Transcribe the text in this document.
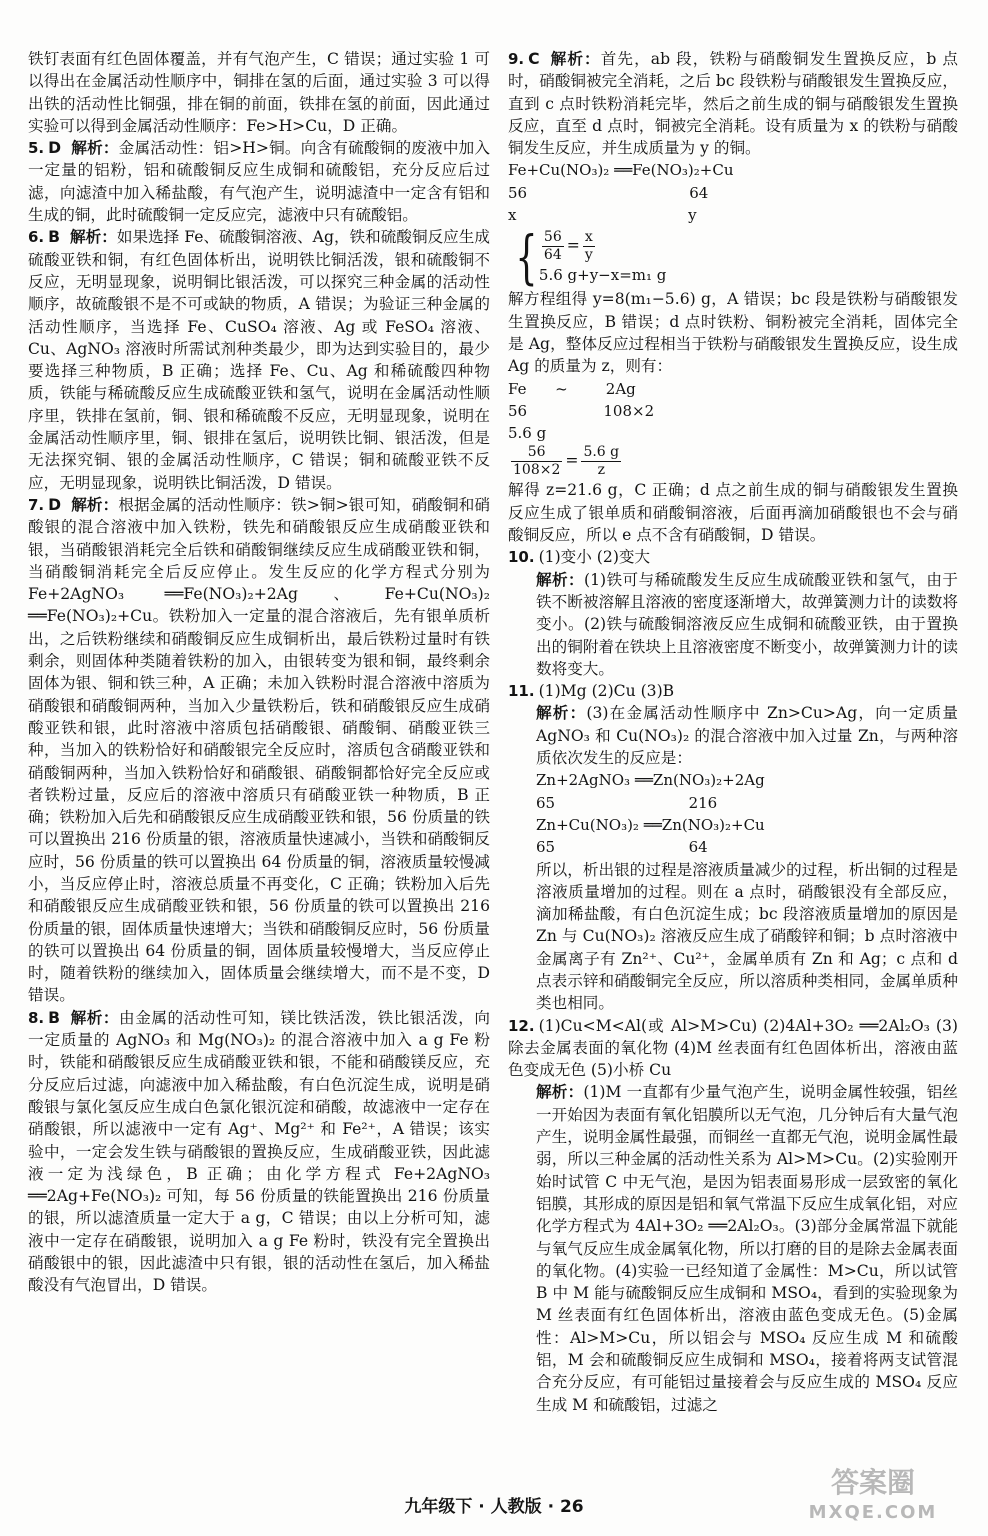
铁钉表面有红色固体覆盖，并有气泡产生，C 错误；通过实验 1 可以得出在金属活动性顺序中，铜排在氢的后面，通过实验 3 可以得出铁的活动性比铜强，排在铜的前面，铁排在氢的前面，因此通过实验可以得到金属活动性顺序：Fe>H>Cu，D 正确。

5. D 解析：金属活动性：铝>H>铜。向含有硫酸铜的废液中加入一定量的铝粉，铝和硫酸铜反应生成铜和硫酸铝，充分反应后过滤，向滤渣中加入稀盐酸，有气泡产生，说明滤渣中一定含有铝和生成的铜，此时硫酸铜一定反应完，滤液中只有硫酸铝。

6. B 解析：如果选择 Fe、硫酸铜溶液、Ag，铁和硫酸铜反应生成硫酸亚铁和铜，有红色固体析出，说明铁比铜活泼，银和硫酸铜不反应，无明显现象，说明铜比银活泼，可以探究三种金属的活动性顺序，故硫酸银不是不可或缺的物质，A 错误；为验证三种金属的活动性顺序，当选择 Fe、CuSO₄ 溶液、Ag 或 FeSO₄ 溶液、Cu、AgNO₃ 溶液时所需试剂种类最少，即为达到实验目的，最少要选择三种物质，B 正确；选择 Fe、Cu、Ag 和稀硫酸四种物质，铁能与稀硫酸反应生成硫酸亚铁和氢气，说明在金属活动性顺序里，铁排在氢前，铜、银和稀硫酸不反应，无明显现象，说明在金属活动性顺序里，铜、银排在氢后，说明铁比铜、银活泼，但是无法探究铜、银的金属活动性顺序，C 错误；铜和硫酸亚铁不反应，无明显现象，说明铁比铜活泼，D 错误。

7. D 解析：根据金属的活动性顺序：铁>铜>银可知，硝酸铜和硝酸银的混合溶液中加入铁粉，铁先和硝酸银反应生成硝酸亚铁和银，当硝酸银消耗完全后铁和硝酸铜继续反应生成硝酸亚铁和铜，当硝酸铜消耗完全后反应停止。发生反应的化学方程式分别为 Fe+2AgNO₃ ══Fe(NO₃)₂+2Ag、Fe+Cu(NO₃)₂ ══Fe(NO₃)₂+Cu。铁粉加入一定量的混合溶液后，先有银单质析出，之后铁粉继续和硝酸铜反应生成铜析出，最后铁粉过量时有铁剩余，则固体种类随着铁粉的加入，由银转变为银和铜，最终剩余固体为银、铜和铁三种，A 正确；未加入铁粉时混合溶液中溶质为硝酸银和硝酸铜两种，当加入少量铁粉后，铁和硝酸银反应生成硝酸亚铁和银，此时溶液中溶质包括硝酸银、硝酸铜、硝酸亚铁三种，当加入的铁粉恰好和硝酸银完全反应时，溶质包含硝酸亚铁和硝酸铜两种，当加入铁粉恰好和硝酸银、硝酸铜都恰好完全反应或者铁粉过量，反应后的溶液中溶质只有硝酸亚铁一种物质，B 正确；铁粉加入后先和硝酸银反应生成硝酸亚铁和银，56 份质量的铁可以置换出 216 份质量的银，溶液质量快速减小，当铁和硝酸铜反应时，56 份质量的铁可以置换出 64 份质量的铜，溶液质量较慢减小，当反应停止时，溶液总质量不再变化，C 正确；铁粉加入后先和硝酸银反应生成硝酸亚铁和银，56 份质量的铁可以置换出 216 份质量的银，固体质量快速增大；当铁和硝酸铜反应时，56 份质量的铁可以置换出 64 份质量的铜，固体质量较慢增大，当反应停止时，随着铁粉的继续加入，固体质量会继续增大，而不是不变，D 错误。

8. B 解析：由金属的活动性可知，镁比铁活泼，铁比银活泼，向一定质量的 AgNO₃ 和 Mg(NO₃)₂ 的混合溶液中加入 a g Fe 粉时，铁能和硝酸银反应生成硝酸亚铁和银，不能和硝酸镁反应，充分反应后过滤，向滤液中加入稀盐酸，有白色沉淀生成，说明是硝酸银与氯化氢反应生成白色氯化银沉淀和硝酸，故滤液中一定存在硝酸银，所以滤液中一定有 Ag⁺、Mg²⁺ 和 Fe²⁺，A 错误；该实验中，一定会发生铁与硝酸银的置换反应，生成硝酸亚铁，因此滤液一定为浅绿色，B 正确；由化学方程式 Fe+2AgNO₃ ══2Ag+Fe(NO₃)₂ 可知，每 56 份质量的铁能置换出 216 份质量的银，所以滤渣质量一定大于 a g，C 错误；由以上分析可知，滤液中一定存在硝酸银，说明加入 a g Fe 粉时，铁没有完全置换出硝酸银中的银，因此滤渣中只有银，银的活动性在氢后，加入稀盐酸没有气泡冒出，D 错误。

9. C 解析：首先，ab 段，铁粉与硝酸铜发生置换反应，b 点时，硝酸铜被完全消耗，之后 bc 段铁粉与硝酸银发生置换反应，直到 c 点时铁粉消耗完毕，然后之前生成的铜与硝酸银发生置换反应，直至 d 点时，铜被完全消耗。设有质量为 x 的铁粉与硝酸铜发生反应，并生成质量为 y 的铜。

Fe+Cu(NO₃)₂ ══Fe(NO₃)₂+Cu

56                                  64

x                                    y

{ $\frac{56}{64} = \frac{x}{y}$
5.6 g+y−x=m₁ g

解方程组得 y=8(m₁−5.6) g，A 错误；bc 段是铁粉与硝酸银发生置换反应，B 错误；d 点时铁粉、铜粉被完全消耗，固体完全是 Ag，整体反应过程相当于铁粉与硝酸银发生置换反应，设生成 Ag 的质量为 z，则有：

Fe      ~        2Ag

56                108×2

5.6 g

$\frac{56}{108\times 2} = \frac{5.6 g}{z}$

解得 z=21.6 g，C 正确；d 点之前生成的铜与硝酸银发生置换反应生成了银单质和硝酸铜溶液，后面再滴加硝酸银也不会与硝酸铜反应，所以 e 点不含有硝酸铜，D 错误。

10. (1)变小 (2)变大

解析：(1)铁可与稀硫酸发生反应生成硫酸亚铁和氢气，由于铁不断被溶解且溶液的密度逐渐增大，故弹簧测力计的读数将变小。(2)铁与硫酸铜溶液反应生成铜和硫酸亚铁，由于置换出的铜附着在铁块上且溶液密度不断变小，故弹簧测力计的读数将变大。

11. (1)Mg (2)Cu (3)B

解析：(3)在金属活动性顺序中 Zn>Cu>Ag，向一定质量 AgNO₃ 和 Cu(NO₃)₂ 的混合溶液中加入过量 Zn，与两种溶质依次发生的反应是：

Zn+2AgNO₃ ══Zn(NO₃)₂+2Ag

65                            216

Zn+Cu(NO₃)₂ ══Zn(NO₃)₂+Cu

65                            64

所以，析出银的过程是溶液质量减少的过程，析出铜的过程是溶液质量增加的过程。则在 a 点时，硝酸银没有全部反应，滴加稀盐酸，有白色沉淀生成；bc 段溶液质量增加的原因是 Zn 与 Cu(NO₃)₂ 溶液反应生成了硝酸锌和铜；b 点时溶液中金属离子有 Zn²⁺、Cu²⁺，金属单质有 Zn 和 Ag；c 点和 d 点表示锌和硝酸铜完全反应，所以溶质种类相同，金属单质种类也相同。

12. (1)Cu<M<Al(或 Al>M>Cu) (2)4Al+3O₂ ══2Al₂O₃ (3)除去金属表面的氧化物 (4)M 丝表面有红色固体析出，溶液由蓝色变成无色 (5)小桥 Cu

解析：(1)M 一直都有少量气泡产生，说明金属性较强，铝丝一开始因为表面有氧化铝膜所以无气泡，几分钟后有大量气泡产生，说明金属性最强，而铜丝一直都无气泡，说明金属性最弱，所以三种金属的活动性关系为 Al>M>Cu。(2)实验刚开始时试管 C 中无气泡，是因为铝表面易形成一层致密的氧化铝膜，其形成的原因是铝和氧气常温下反应生成氧化铝，对应化学方程式为 4Al+3O₂ ══2Al₂O₃。(3)部分金属常温下就能与氧气反应生成金属氧化物，所以打磨的目的是除去金属表面的氧化物。(4)实验一已经知道了金属性：M>Cu，所以试管 B 中 M 能与硫酸铜反应生成铜和 MSO₄，看到的实验现象为 M 丝表面有红色固体析出，溶液由蓝色变成无色。(5)金属性：Al>M>Cu，所以铝会与 MSO₄ 反应生成 M 和硫酸铝，M 会和硫酸铜反应生成铜和 MSO₄，接着将两支试管混合充分反应，有可能铝过量接着会与反应生成的 MSO₄ 反应生成 M 和硫酸铝，过滤之

九年级下 · 人教版 · 26
答案圈
MXQE.COM
